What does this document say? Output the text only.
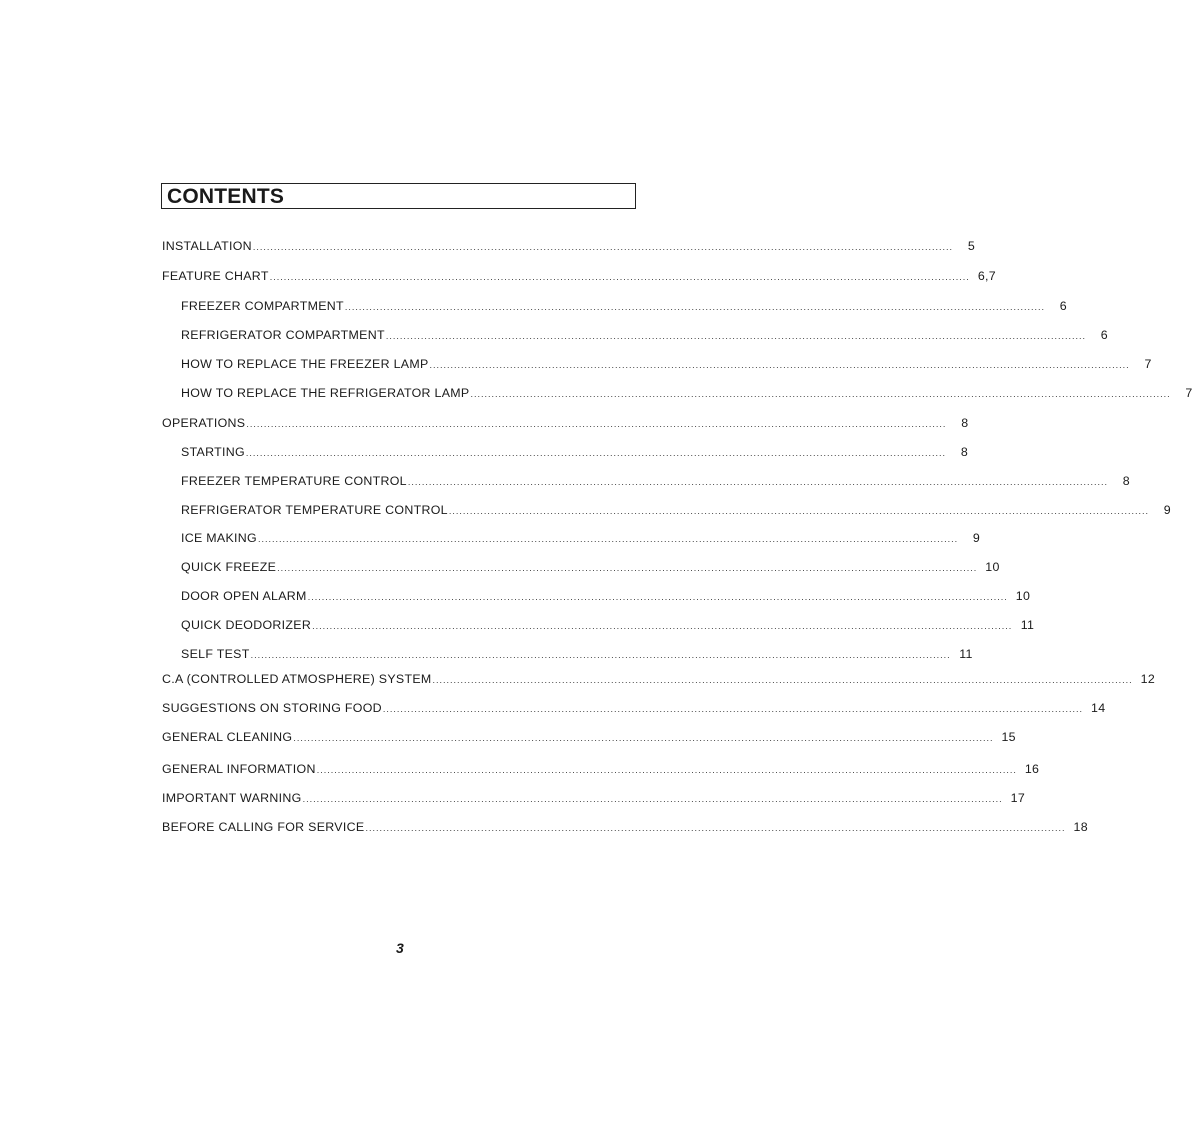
CONTENTS
INSTALLATION ........................................................................................................................................................................................................	5
FEATURE CHART ........................................................................................................................................................................................................ 6,7
FREEZER COMPARTMENT ........................................................................................................................................................................................................	6
REFRIGERATOR COMPARTMENT ........................................................................................................................................................................................................	6
HOW TO REPLACE THE FREEZER LAMP ........................................................................................................................................................................................................	7
HOW TO REPLACE THE REFRIGERATOR LAMP ........................................................................................................................................................................................................	7
OPERATIONS ........................................................................................................................................................................................................	8
STARTING ........................................................................................................................................................................................................	8
FREEZER TEMPERATURE CONTROL ........................................................................................................................................................................................................	8
REFRIGERATOR TEMPERATURE CONTROL ........................................................................................................................................................................................................	9
ICE MAKING ........................................................................................................................................................................................................	9
QUICK FREEZE ........................................................................................................................................................................................................ 10
DOOR OPEN ALARM ........................................................................................................................................................................................................ 10
QUICK DEODORIZER ........................................................................................................................................................................................................ 11
SELF TEST ........................................................................................................................................................................................................ 11
C.A (CONTROLLED ATMOSPHERE) SYSTEM ........................................................................................................................................................................................................ 12
SUGGESTIONS ON STORING FOOD ........................................................................................................................................................................................................ 14
GENERAL CLEANING ........................................................................................................................................................................................................ 15
GENERAL INFORMATION ........................................................................................................................................................................................................ 16
IMPORTANT WARNING ........................................................................................................................................................................................................ 17
BEFORE CALLING FOR SERVICE ........................................................................................................................................................................................................ 18
3
